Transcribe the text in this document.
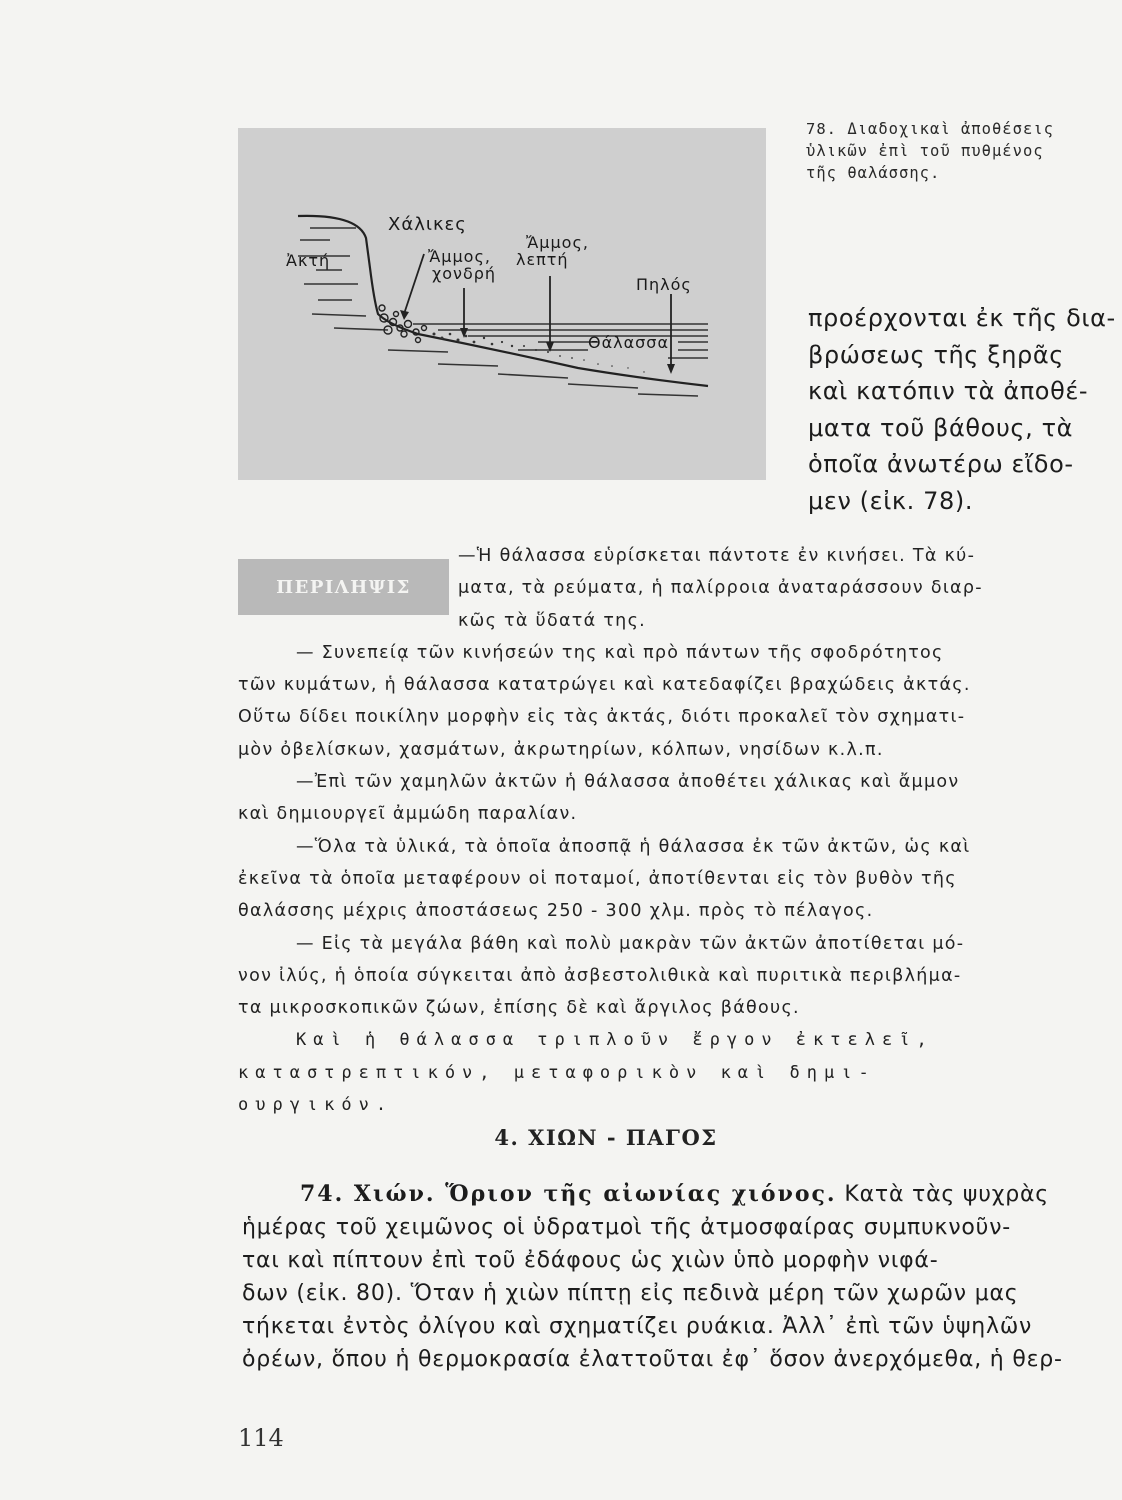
Ἀκτή
Χάλικες
Ἄμμος,
χονδρή
Ἄμμος,
λεπτή
Πηλός
Θάλασσα
78. Διαδοχικαὶ ἀποθέσεις
ὑλικῶν ἐπὶ τοῦ πυθμένος
τῆς θαλάσσης.
προέρχονται ἐκ τῆς δια-
βρώσεως τῆς ξηρᾶς
καὶ κατόπιν τὰ ἀποθέ-
ματα τοῦ βάθους, τὰ
ὁποῖα ἀνωτέρω εἴδο-
μεν (εἰκ. 78).
ΠΕΡΙΛΗΨΙΣ
—Ἡ θάλασσα εὑρίσκεται πάντοτε ἐν κινήσει. Τὰ κύ-
ματα, τὰ ρεύματα, ἡ παλίρροια ἀναταράσσουν διαρ-
κῶς τὰ ὕδατά της.
— Συνεπείᾳ τῶν κινήσεών της καὶ πρὸ πάντων τῆς σφοδρότητος
τῶν κυμάτων, ἡ θάλασσα κατατρώγει καὶ κατεδαφίζει βραχώδεις ἀκτάς.
Οὕτω δίδει ποικίλην μορφὴν εἰς τὰς ἀκτάς, διότι προκαλεῖ τὸν σχηματι-
μὸν ὀβελίσκων, χασμάτων, ἀκρωτηρίων, κόλπων, νησίδων κ.λ.π.
—Ἐπὶ τῶν χαμηλῶν ἀκτῶν ἡ θάλασσα ἀποθέτει χάλικας καὶ ἄμμον
καὶ δημιουργεῖ ἀμμώδη παραλίαν.
—Ὅλα τὰ ὑλικά, τὰ ὁποῖα ἀποσπᾷ ἡ θάλασσα ἐκ τῶν ἀκτῶν, ὡς καὶ
ἐκεῖνα τὰ ὁποῖα μεταφέρουν οἱ ποταμοί, ἀποτίθενται εἰς τὸν βυθὸν τῆς
θαλάσσης μέχρις ἀποστάσεως 250 - 300 χλμ. πρὸς τὸ πέλαγος.
— Εἰς τὰ μεγάλα βάθη καὶ πολὺ μακρὰν τῶν ἀκτῶν ἀποτίθεται μό-
νον ἰλύς, ἡ ὁποία σύγκειται ἀπὸ ἀσβεστολιθικὰ καὶ πυριτικὰ περιβλήμα-
τα μικροσκοπικῶν ζώων, ἐπίσης δὲ καὶ ἄργιλος βάθους.
Καὶ ἡ θάλασσα τριπλοῦν ἔργον ἐκτελεῖ,
καταστρεπτικόν, μεταφορικὸν καὶ δημι-
ουργικόν.
4. ΧΙΩΝ - ΠΑΓΟΣ
74. Χιών. Ὅριον τῆς αἰωνίας χιόνος. Κατὰ τὰς ψυχρὰς
ἡμέρας τοῦ χειμῶνος οἱ ὑδρατμοὶ τῆς ἀτμοσφαίρας συμπυκνοῦν-
ται καὶ πίπτουν ἐπὶ τοῦ ἐδάφους ὡς χιὼν ὑπὸ μορφὴν νιφά-
δων (εἰκ. 80). Ὅταν ἡ χιὼν πίπτῃ εἰς πεδινὰ μέρη τῶν χωρῶν μας
τήκεται ἐντὸς ὀλίγου καὶ σχηματίζει ρυάκια. Ἀλλ᾿ ἐπὶ τῶν ὑψηλῶν
ὀρέων, ὅπου ἡ θερμοκρασία ἐλαττοῦται ἐφ᾿ ὅσον ἀνερχόμεθα, ἡ θερ-
114
